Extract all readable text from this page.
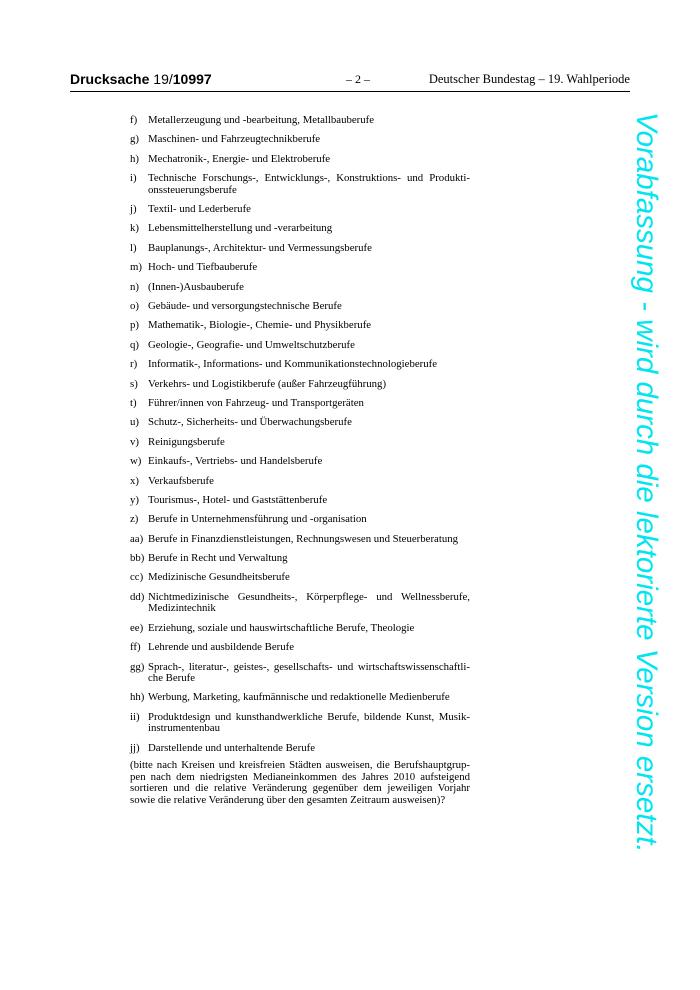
Drucksache 19/10997	– 2 –	Deutscher Bundestag – 19. Wahlperiode
f) Metallerzeugung und -bearbeitung, Metallbauberufe
g) Maschinen- und Fahrzeugtechnikberufe
h) Mechatronik-, Energie- und Elektroberufe
i) Technische Forschungs-, Entwicklungs-, Konstruktions- und Produkti-onssteuerungsberufe
j) Textil- und Lederberufe
k) Lebensmittelherstellung und -verarbeitung
l) Bauplanungs-, Architektur- und Vermessungsberufe
m) Hoch- und Tiefbauberufe
n) (Innen-)Ausbauberufe
o) Gebäude- und versorgungstechnische Berufe
p) Mathematik-, Biologie-, Chemie- und Physikberufe
q) Geologie-, Geografie- und Umweltschutzberufe
r) Informatik-, Informations- und Kommunikationstechnologieberufe
s) Verkehrs- und Logistikberufe (außer Fahrzeugführung)
t) Führer/innen von Fahrzeug- und Transportgeräten
u) Schutz-, Sicherheits- und Überwachungsberufe
v) Reinigungsberufe
w) Einkaufs-, Vertriebs- und Handelsberufe
x) Verkaufsberufe
y) Tourismus-, Hotel- und Gaststättenberufe
z) Berufe in Unternehmensführung und -organisation
aa) Berufe in Finanzdienstleistungen, Rechnungswesen und Steuerberatung
bb) Berufe in Recht und Verwaltung
cc) Medizinische Gesundheitsberufe
dd) Nichtmedizinische Gesundheits-, Körperpflege- und Wellnessberufe, Medizintechnik
ee) Erziehung, soziale und hauswirtschaftliche Berufe, Theologie
ff) Lehrende und ausbildende Berufe
gg) Sprach-, literatur-, geistes-, gesellschafts- und wirtschaftswissenschaftli-che Berufe
hh) Werbung, Marketing, kaufmännische und redaktionelle Medienberufe
ii) Produktdesign und kunsthandwerkliche Berufe, bildende Kunst, Musik-instrumentenbau
jj) Darstellende und unterhaltende Berufe

(bitte nach Kreisen und kreisfreien Städten ausweisen, die Berufshauptgrup-pen nach dem niedrigsten Medianeinkommen des Jahres 2010 aufsteigend sortieren und die relative Veränderung gegenüber dem jeweiligen Vorjahr sowie die relative Veränderung über den gesamten Zeitraum ausweisen)?	Vorabfassung - wird durch die lektorierte Version ersetzt.
